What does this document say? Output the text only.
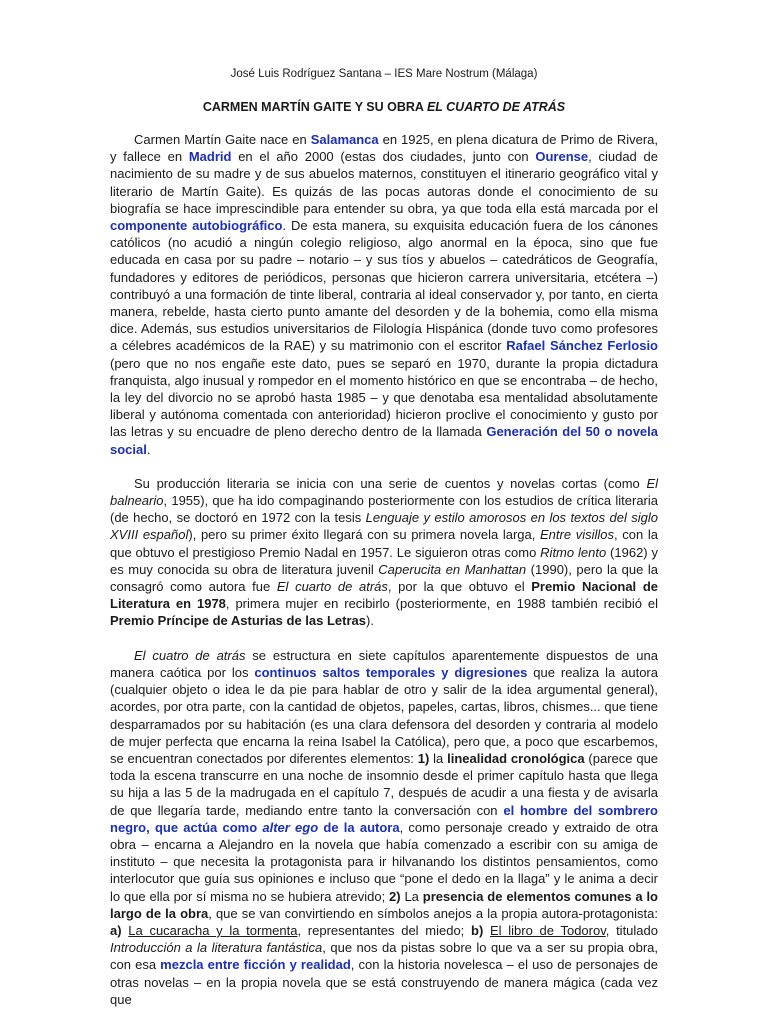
José Luis Rodríguez Santana – IES Mare Nostrum (Málaga)
CARMEN MARTÍN GAITE Y SU OBRA EL CUARTO DE ATRÁS

Carmen Martín Gaite nace en Salamanca en 1925, en plena dicatura de Primo de Rivera, y fallece en Madrid en el año 2000 (estas dos ciudades, junto con Ourense, ciudad de nacimiento de su madre y de sus abuelos maternos, constituyen el itinerario geográfico vital y literario de Martín Gaite). Es quizás de las pocas autoras donde el conocimiento de su biografía se hace imprescindible para entender su obra, ya que toda ella está marcada por el componente autobiográfico. De esta manera, su exquisita educación fuera de los cánones católicos (no acudió a ningún colegio religioso, algo anormal en la época, sino que fue educada en casa por su padre – notario – y sus tíos y abuelos – catedráticos de Geografía, fundadores y editores de periódicos, personas que hicieron carrera universitaria, etcétera –) contribuyó a una formación de tinte liberal, contraria al ideal conservador y, por tanto, en cierta manera, rebelde, hasta cierto punto amante del desorden y de la bohemia, como ella misma dice. Además, sus estudios universitarios de Filología Hispánica (donde tuvo como profesores a célebres académicos de la RAE) y su matrimonio con el escritor Rafael Sánchez Ferlosio (pero que no nos engañe este dato, pues se separó en 1970, durante la propia dictadura franquista, algo inusual y rompedor en el momento histórico en que se encontraba – de hecho, la ley del divorcio no se aprobó hasta 1985 – y que denotaba esa mentalidad absolutamente liberal y autónoma comentada con anterioridad) hicieron proclive el conocimiento y gusto por las letras y su encuadre de pleno derecho dentro de la llamada Generación del 50 o novela social.

Su producción literaria se inicia con una serie de cuentos y novelas cortas (como El balneario, 1955), que ha ido compaginando posteriormente con los estudios de crítica literaria (de hecho, se doctoró en 1972 con la tesis Lenguaje y estilo amorosos en los textos del siglo XVIII español), pero su primer éxito llegará con su primera novela larga, Entre visillos, con la que obtuvo el prestigioso Premio Nadal en 1957. Le siguieron otras como Ritmo lento (1962) y es muy conocida su obra de literatura juvenil Caperucita en Manhattan (1990), pero la que la consagró como autora fue El cuarto de atrás, por la que obtuvo el Premio Nacional de Literatura en 1978, primera mujer en recibirlo (posteriormente, en 1988 también recibió el Premio Príncipe de Asturias de las Letras).

El cuatro de atrás se estructura en siete capítulos aparentemente dispuestos de una manera caótica por los continuos saltos temporales y digresiones que realiza la autora (cualquier objeto o idea le da pie para hablar de otro y salir de la idea argumental general), acordes, por otra parte, con la cantidad de objetos, papeles, cartas, libros, chismes... que tiene desparramados por su habitación (es una clara defensora del desorden y contraria al modelo de mujer perfecta que encarna la reina Isabel la Católica), pero que, a poco que escarbemos, se encuentran conectados por diferentes elementos: 1) la linealidad cronológica (parece que toda la escena transcurre en una noche de insomnio desde el primer capítulo hasta que llega su hija a las 5 de la madrugada en el capítulo 7, después de acudir a una fiesta y de avisarla de que llegaría tarde, mediando entre tanto la conversación con el hombre del sombrero negro, que actúa como alter ego de la autora, como personaje creado y extraido de otra obra – encarna a Alejandro en la novela que había comenzado a escribir con su amiga de instituto – que necesita la protagonista para ir hilvanando los distintos pensamientos, como interlocutor que guía sus opiniones e incluso que “pone el dedo en la llaga” y le anima a decir lo que ella por sí misma no se hubiera atrevido; 2) La presencia de elementos comunes a lo largo de la obra, que se van convirtiendo en símbolos anejos a la propia autora-protagonista: a) La cucaracha y la tormenta, representantes del miedo; b) El libro de Todorov, titulado Introducción a la literatura fantástica, que nos da pistas sobre lo que va a ser su propia obra, con esa mezcla entre ficción y realidad, con la historia novelesca – el uso de personajes de otras novelas – en la propia novela que se está construyendo de manera mágica (cada vez que
